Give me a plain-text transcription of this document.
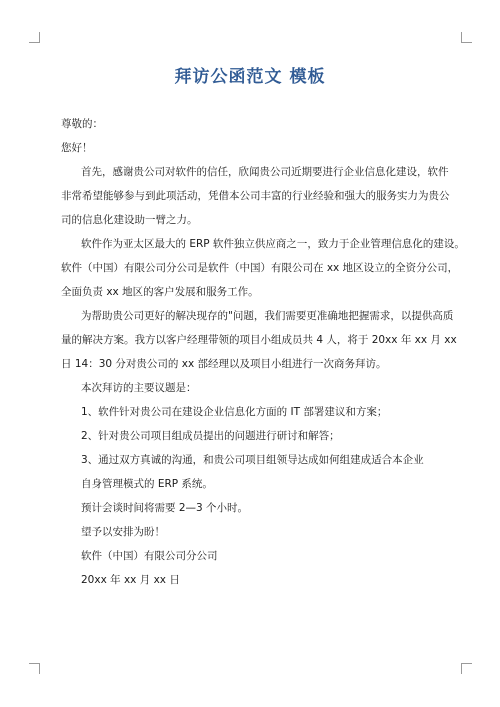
拜访公函范文 模板

尊敬的：

您好！

首先，感谢贵公司对软件的信任，欣闻贵公司近期要进行企业信息化建设，软件

非常希望能够参与到此项活动，凭借本公司丰富的行业经验和强大的服务实力为贵公

司的信息化建设助一臂之力。

软件作为亚太区最大的 ERP 软件独立供应商之一，致力于企业管理信息化的建设。

软件（中国）有限公司分公司是软件（中国）有限公司在 xx 地区设立的全资分公司，

全面负责 xx 地区的客户发展和服务工作。

为帮助贵公司更好的解决现存的"问题，我们需要更准确地把握需求，以提供高质

量的解决方案。我方以客户经理带领的项目小组成员共 4 人，将于 20xx 年 xx 月 xx

日 14：30 分对贵公司的 xx 部经理以及项目小组进行一次商务拜访。

本次拜访的主要议题是：

1、软件针对贵公司在建设企业信息化方面的 IT 部署建议和方案；

2、针对贵公司项目组成员提出的问题进行研讨和解答；

3、通过双方真诚的沟通，和贵公司项目组领导达成如何组建成适合本企业

自身管理模式的 ERP 系统。

预计会谈时间将需要 2—3 个小时。

望予以安排为盼！

软件（中国）有限公司分公司

20xx 年 xx 月 xx 日
